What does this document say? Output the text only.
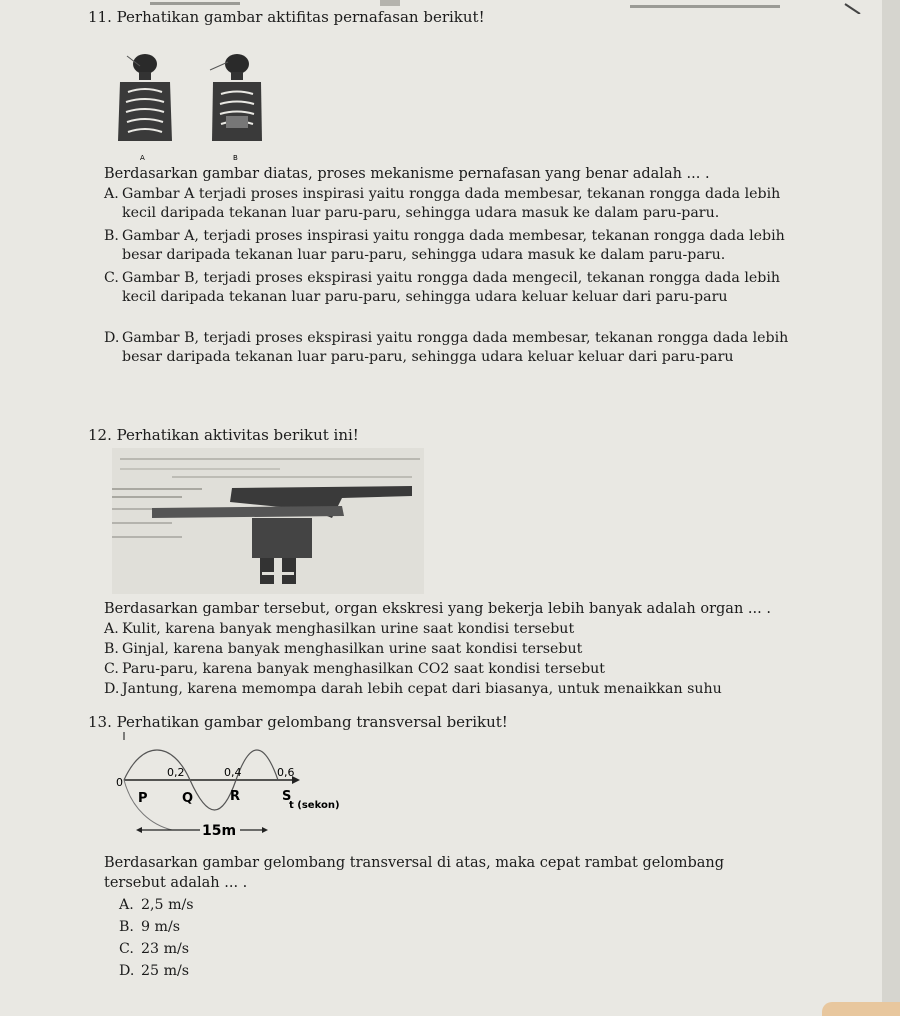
11. Perhatikan gambar aktifitas pernafasan berikut!
A	B
Berdasarkan gambar diatas, proses mekanisme pernafasan yang benar adalah ... .
A. Gambar A terjadi proses inspirasi yaitu rongga dada membesar, tekanan rongga dada lebih kecil daripada tekanan luar paru-paru, sehingga udara masuk ke dalam paru-paru.
B. Gambar A, terjadi proses inspirasi yaitu rongga dada membesar, tekanan rongga dada lebih besar daripada tekanan luar paru-paru, sehingga udara masuk ke dalam paru-paru.
C. Gambar B, terjadi proses ekspirasi yaitu rongga dada mengecil, tekanan rongga dada lebih kecil daripada tekanan luar paru-paru, sehingga udara keluar keluar dari paru-paru
D. Gambar B, terjadi proses ekspirasi yaitu rongga dada membesar, tekanan rongga dada lebih besar daripada tekanan luar paru-paru, sehingga udara keluar keluar dari paru-paru
12. Perhatikan aktivitas berikut ini!
Berdasarkan gambar tersebut, organ ekskresi yang bekerja lebih banyak adalah organ ... .
A. Kulit, karena banyak menghasilkan urine saat kondisi tersebut
B. Ginjal, karena banyak menghasilkan urine saat kondisi tersebut
C. Paru-paru, karena banyak menghasilkan CO2 saat kondisi tersebut
D. Jantung, karena memompa darah lebih cepat dari biasanya, untuk menaikkan suhu
13. Perhatikan gambar gelombang transversal berikut!
0
0,2	0,4	0,6
P	Q	R	S
t (sekon)
15m
Berdasarkan gambar gelombang transversal di atas, maka cepat rambat gelombang
tersebut adalah ... .
A. 2,5 m/s
B. 9 m/s
C. 23 m/s
D. 25 m/s
